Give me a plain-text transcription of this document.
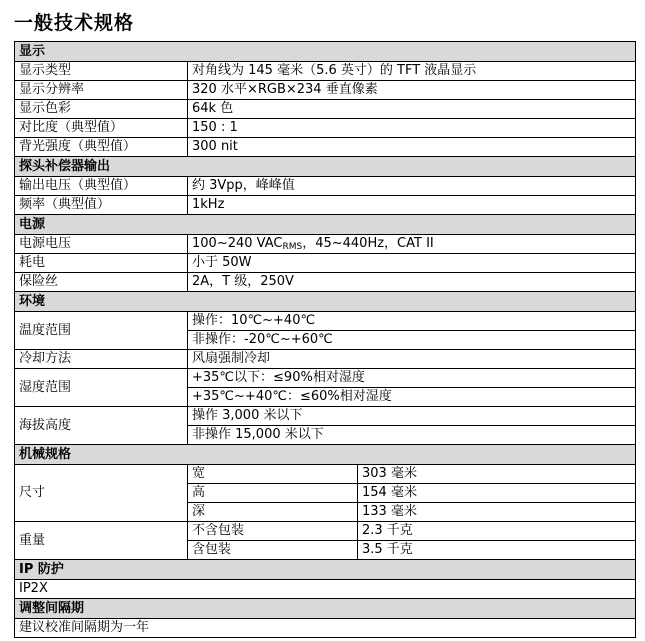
一般技术规格
显示		
显示类型	对角线为 145 毫米（5.6 英寸）的 TFT 液晶显示	
显示分辨率	320 水平×RGB×234 垂直像素	
显示色彩	64k 色	
对比度（典型值）	150 : 1	
背光强度（典型值）	300 nit	
探头补偿器输出		
输出电压（典型值）	约 3Vpp，峰峰值	
频率（典型值）	1kHz	
电源		
电源电压	100~240 $VAC_{RMS}$，45~440Hz，CAT II	
耗电	小于 50W	
保险丝	2A，T 级，250V	
环境		
温度范围	操作：10℃~+40℃	
	非操作：-20℃~+60℃	
冷却方法	风扇强制冷却	
湿度范围	+35℃以下：≤90%相对湿度	
	+35℃~+40℃：≤60%相对湿度	
海拔高度	操作 3,000 米以下	
	非操作 15,000 米以下	
机械规格		
尺寸	宽	303 毫米
	高	154 毫米
	深	133 毫米
重量	不含包装	2.3 千克
	含包装	3.5 千克
IP 防护		
IP2X		
调整间隔期		
建议校准间隔期为一年		
